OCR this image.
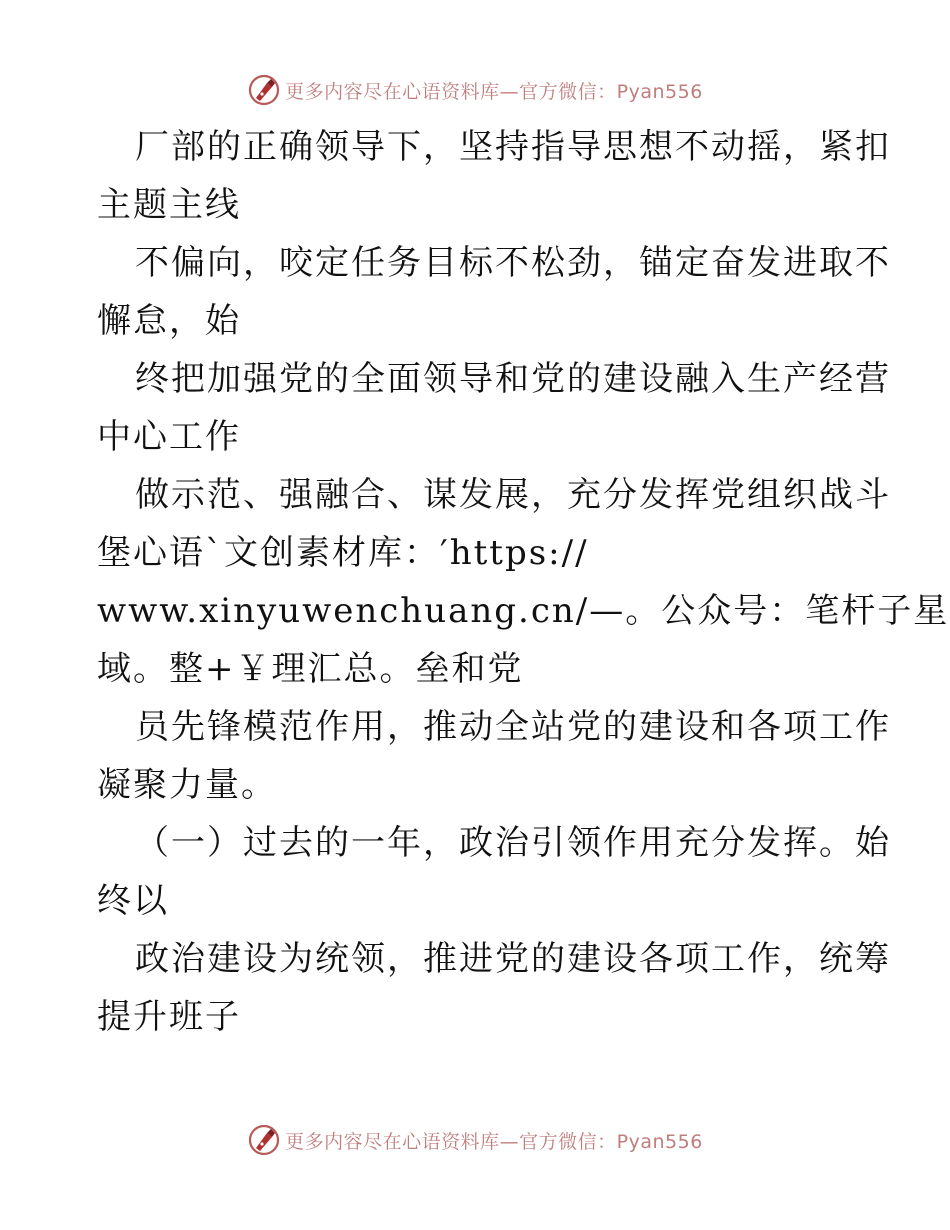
更多内容尽在心语资料库—官方微信：Pyan556
厂部的正确领导下，坚持指导思想不动摇，紧扣
主题主线
不偏向，咬定任务目标不松劲，锚定奋发进取不
懈怠，始
终把加强党的全面领导和党的建设融入生产经营
中心工作
做示范、强融合、谋发展，充分发挥党组织战斗
堡心语`文创素材库：′https://
www.xinyuwenchuang.cn/—。公众号：笔杆子星
域。整+￥理汇总。垒和党
员先锋模范作用，推动全站党的建设和各项工作
凝聚力量。
（一）过去的一年，政治引领作用充分发挥。始
终以
政治建设为统领，推进党的建设各项工作，统筹
提升班子
更多内容尽在心语资料库—官方微信：Pyan556
